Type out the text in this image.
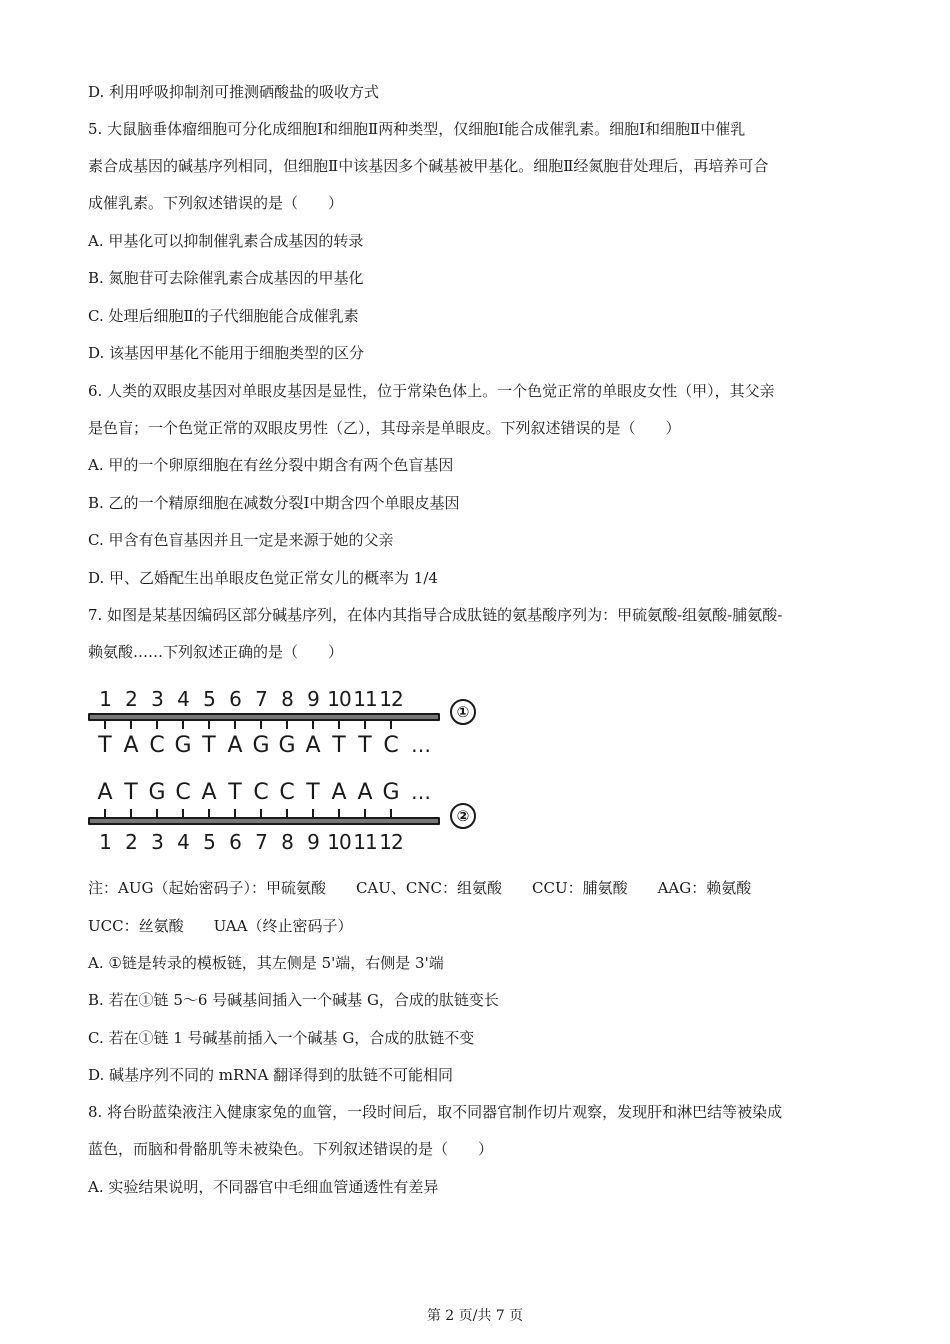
D. 利用呼吸抑制剂可推测硒酸盐的吸收方式
5. 大鼠脑垂体瘤细胞可分化成细胞Ⅰ和细胞Ⅱ两种类型，仅细胞Ⅰ能合成催乳素。细胞Ⅰ和细胞Ⅱ中催乳
素合成基因的碱基序列相同，但细胞Ⅱ中该基因多个碱基被甲基化。细胞Ⅱ经氮胞苷处理后，再培养可合
成催乳素。下列叙述错误的是（　　）
A. 甲基化可以抑制催乳素合成基因的转录
B. 氮胞苷可去除催乳素合成基因的甲基化
C. 处理后细胞Ⅱ的子代细胞能合成催乳素
D. 该基因甲基化不能用于细胞类型的区分
6. 人类的双眼皮基因对单眼皮基因是显性，位于常染色体上。一个色觉正常的单眼皮女性（甲），其父亲
是色盲；一个色觉正常的双眼皮男性（乙），其母亲是单眼皮。下列叙述错误的是（　　）
A. 甲的一个卵原细胞在有丝分裂中期含有两个色盲基因
B. 乙的一个精原细胞在减数分裂Ⅰ中期含四个单眼皮基因
C. 甲含有色盲基因并且一定是来源于她的父亲
D. 甲、乙婚配生出单眼皮色觉正常女儿的概率为 1/4
7. 如图是某基因编码区部分碱基序列，在体内其指导合成肽链的氨基酸序列为：甲硫氨酸-组氨酸-脯氨酸-
赖氨酸……下列叙述正确的是（　　）
注：AUG（起始密码子）：甲硫氨酸　　CAU、CNC：组氨酸　　CCU：脯氨酸　　AAG：赖氨酸
UCC：丝氨酸　　UAA（终止密码子）
A. ①链是转录的模板链，其左侧是 5'端，右侧是 3'端
B. 若在①链 5～6 号碱基间插入一个碱基 G，合成的肽链变长
C. 若在①链 1 号碱基前插入一个碱基 G，合成的肽链不变
D. 碱基序列不同的 mRNA 翻译得到的肽链不可能相同
8. 将台盼蓝染液注入健康家兔的血管，一段时间后，取不同器官制作切片观察，发现肝和淋巴结等被染成
蓝色，而脑和骨骼肌等未被染色。下列叙述错误的是（　　）
A. 实验结果说明，不同器官中毛细血管通透性有差异
1 2 3 4 5 6 7 8 9 10 11 12
T A C G T A G G A T T C …
①
A T G C A T C C T A A G …
②
1 2 3 4 5 6 7 8 9 10 11 12
第 2 页/共 7 页
